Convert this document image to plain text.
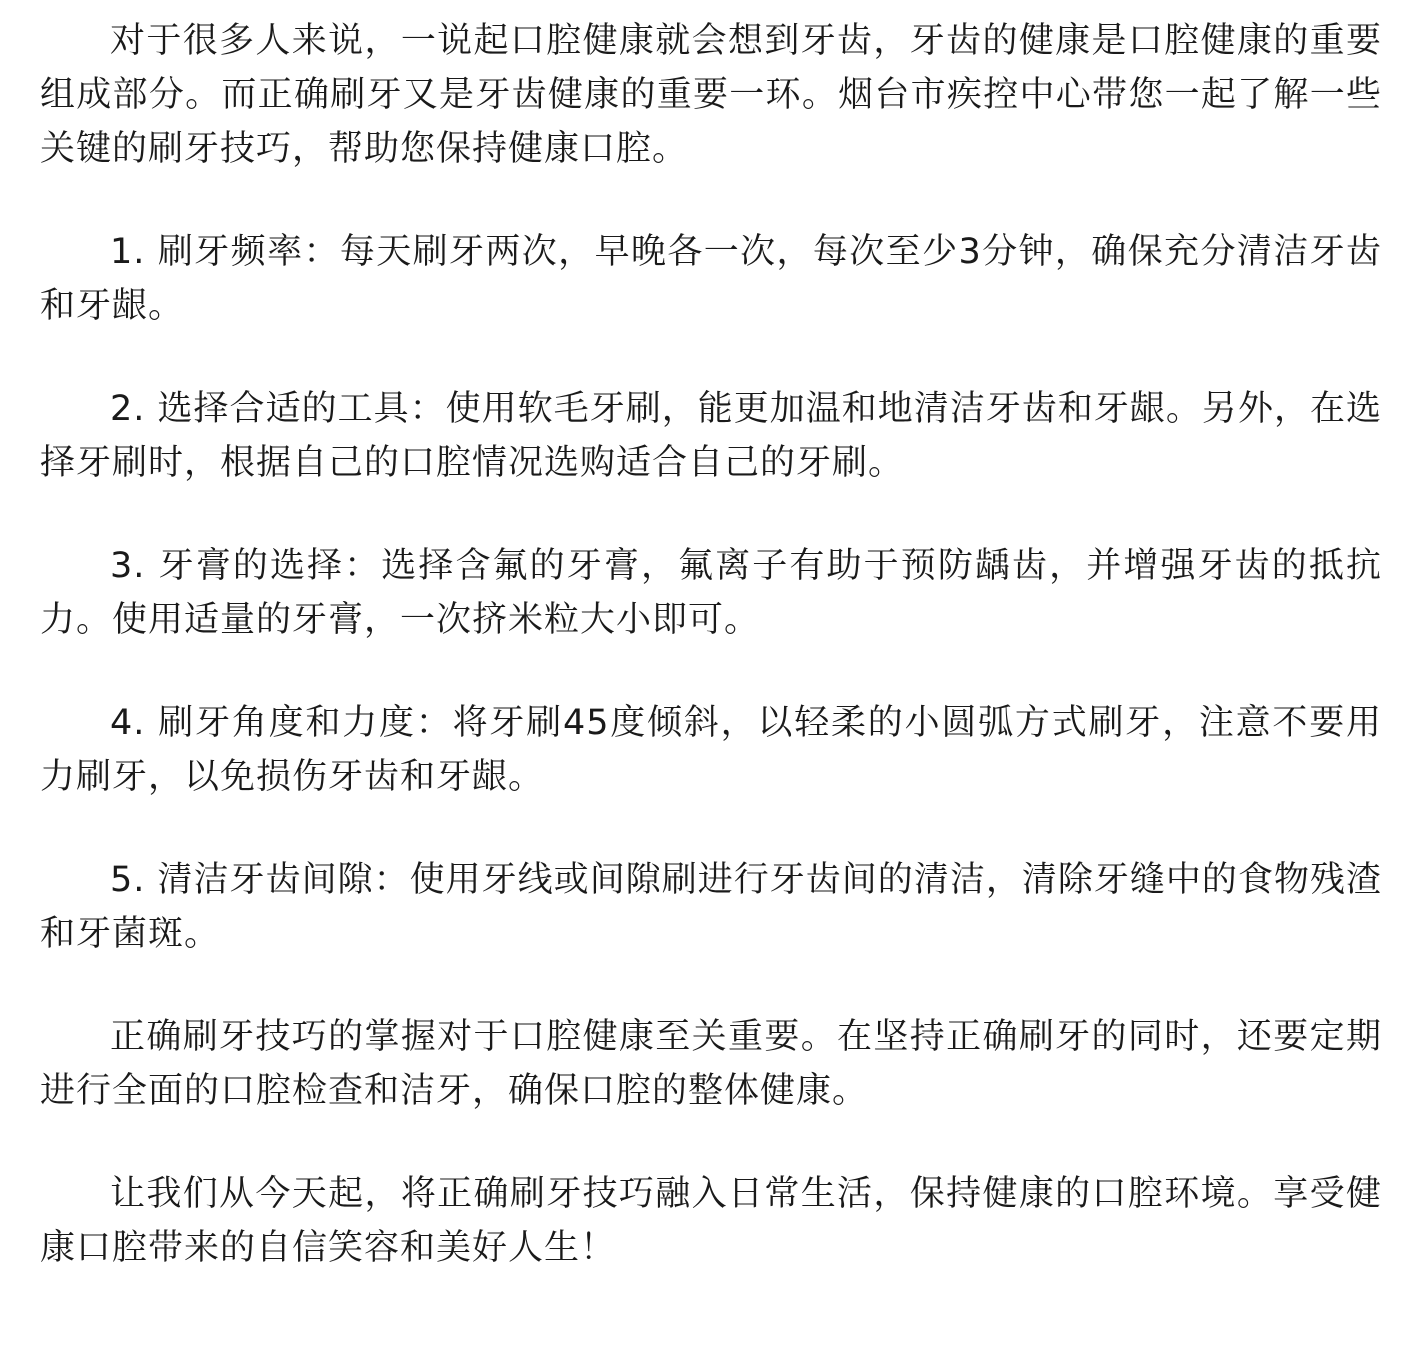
对于很多人来说，一说起口腔健康就会想到牙齿，牙齿的健康是口腔健康的重要组成部分。而正确刷牙又是牙齿健康的重要一环。烟台市疾控中心带您一起了解一些关键的刷牙技巧，帮助您保持健康口腔。

1. 刷牙频率：每天刷牙两次，早晚各一次，每次至少3分钟，确保充分清洁牙齿和牙龈。

2. 选择合适的工具：使用软毛牙刷，能更加温和地清洁牙齿和牙龈。另外，在选择牙刷时，根据自己的口腔情况选购适合自己的牙刷。

3. 牙膏的选择：选择含氟的牙膏，氟离子有助于预防龋齿，并增强牙齿的抵抗力。使用适量的牙膏，一次挤米粒大小即可。

4. 刷牙角度和力度：将牙刷45度倾斜，以轻柔的小圆弧方式刷牙，注意不要用力刷牙，以免损伤牙齿和牙龈。

5. 清洁牙齿间隙：使用牙线或间隙刷进行牙齿间的清洁，清除牙缝中的食物残渣和牙菌斑。

正确刷牙技巧的掌握对于口腔健康至关重要。在坚持正确刷牙的同时，还要定期进行全面的口腔检查和洁牙，确保口腔的整体健康。

让我们从今天起，将正确刷牙技巧融入日常生活，保持健康的口腔环境。享受健康口腔带来的自信笑容和美好人生！
